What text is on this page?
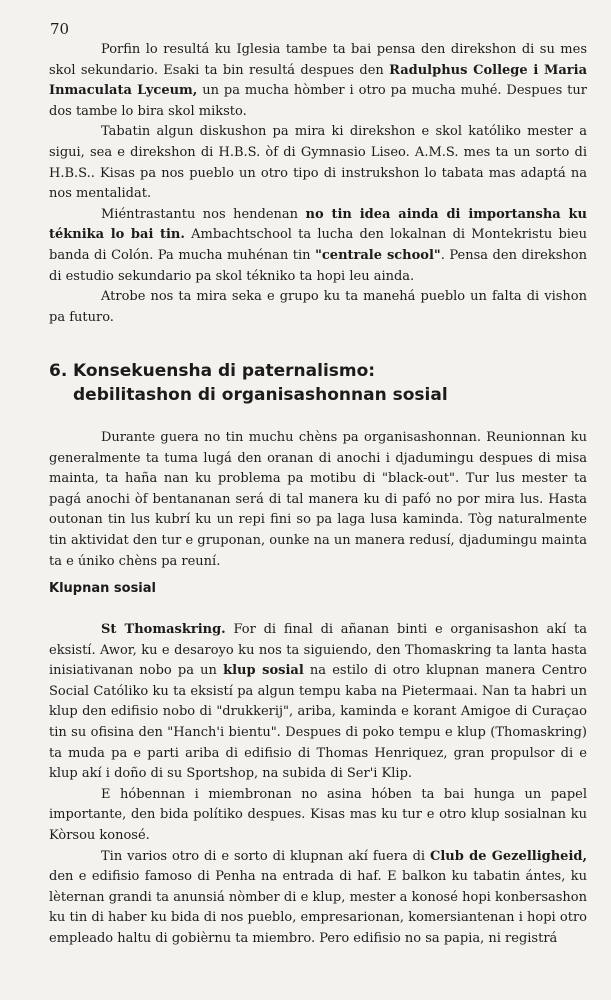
70

Porfin lo resultá ku Iglesia tambe ta bai pensa den direkshon di su mes skol sekundario. Esaki ta bin resultá despues den Radulphus College i Maria Inmaculata Lyceum, un pa mucha hòmber i otro pa mucha muhé. Despues tur dos tambe lo bira skol miksto.

Tabatin algun diskushon pa mira ki direkshon e skol katóliko mester a sigui, sea e direkshon di H.B.S. òf di Gymnasio Liseo. A.M.S. mes ta un sorto di H.B.S.. Kisas pa nos pueblo un otro tipo di instrukshon lo tabata mas adaptá na nos mentalidat.

Miéntrastantu nos hendenan no tin idea ainda di importansha ku téknika lo bai tin. Ambachtschool ta lucha den lokalnan di Montekristu bieu banda di Colón. Pa mucha muhénan tin "centrale school". Pensa den direkshon di estudio sekundario pa skol tékniko ta hopi leu ainda.

Atrobe nos ta mira seka e grupo ku ta manehá pueblo un falta di vishon pa futuro.

6. Konsekuensha di paternalismo:
debilitashon di organisashonnan sosial

Durante guera no tin muchu chèns pa organisashonnan. Reunionnan ku generalmente ta tuma lugá den oranan di anochi i djadumingu despues di misa mainta, ta haña nan ku problema pa motibu di "black-out". Tur lus mester ta pagá anochi òf bentananan será di tal manera ku di pafó no por mira lus. Hasta outonan tin lus kubrí ku un repi fini so pa laga lusa kaminda. Tòg naturalmente tin aktividat den tur e gruponan, ounke na un manera redusí, djadumingu mainta ta e úniko chèns pa reuní.

Klupnan sosial

St Thomaskring. For di final di añanan binti e organisashon akí ta eksistí. Awor, ku e desaroyo ku nos ta siguiendo, den Thomaskring ta lanta hasta inisiativanan nobo pa un klup sosial na estilo di otro klupnan manera Centro Social Católiko ku ta eksistí pa algun tempu kaba na Pietermaai. Nan ta habri un klup den edifisio nobo di "drukkerij", ariba, kaminda e korant Amigoe di Curaçao tin su ofisina den "Hanch'i bientu". Despues di poko tempu e klup (Thomaskring) ta muda pa e parti ariba di edifisio di Thomas Henriquez, gran propulsor di e klup akí i doño di su Sportshop, na subida di Ser'i Klip.

E hóbennan i miembronan no asina hóben ta bai hunga un papel importante, den bida polítiko despues. Kisas mas ku tur e otro klup sosialnan ku Kòrsou konosé.

Tin varios otro di e sorto di klupnan akí fuera di Club de Gezelligheid, den e edifisio famoso di Penha na entrada di haf. E balkon ku tabatin ántes, ku lèternan grandi ta anunsiá nòmber di e klup, mester a konosé hopi konbersashon ku tin di haber ku bida di nos pueblo, empresarionan, komersiantenan i hopi otro empleado haltu di gobièrnu ta miembro. Pero edifisio no sa papia, ni registrá
